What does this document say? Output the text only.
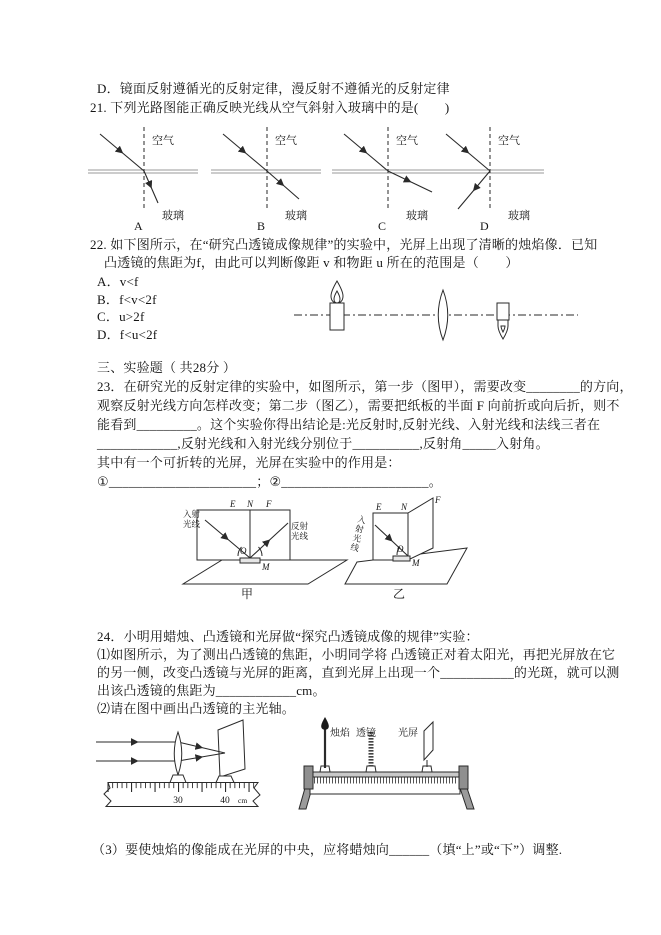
D．镜面反射遵循光的反射定律，漫反射不遵循光的反射定律
21. 下列光路图能正确反映光线从空气斜射入玻璃中的是(　　)
空气
玻璃
A
空气
玻璃
B
空气
玻璃
C
空气
玻璃
D
22. 如下图所示，在“研究凸透镜成像规律”的实验中，光屏上出现了清晰的烛焰像．已知
凸透镜的焦距为f，由此可以判断像距 v 和物距 u 所在的范围是（　　）
A．v<f
B．f<v<2f
C．u>2f
D．f<u<2f
三、实验题（ 共28分 ）
23．在研究光的反射定律的实验中，如图所示，第一步（图甲），需要改变________的方向，
观察反射光线方向怎样改变；第二步（图乙），需要把纸板的半面 F 向前折或向后折，则不
能看到_________。这个实验你得出结论是:光反射时,反射光线、入射光线和法线三者在
____________,反射光线和入射光线分别位于__________,反射角_____入射角。
其中有一个可折转的光屏，光屏在实验中的作用是：
①______________________；②______________________。
E N F
O
M
甲
入射光线	反射光线
E N
F
O
M
乙
入射光线
24．小明用蜡烛、凸透镜和光屏做“探究凸透镜成像的规律”实验：
⑴如图所示，为了测出凸透镜的焦距，小明同学将 凸透镜正对着太阳光，再把光屏放在它
的另一侧，改变凸透镜与光屏的距离，直到光屏上出现一个___________的光斑，就可以测
出该凸透镜的焦距为____________cm。
⑵请在图中画出凸透镜的主光轴。
30	40 cm
烛焰 透镜 光屏
（3）要使烛焰的像能成在光屏的中央，应将蜡烛向______（填“上”或“下”）调整.
